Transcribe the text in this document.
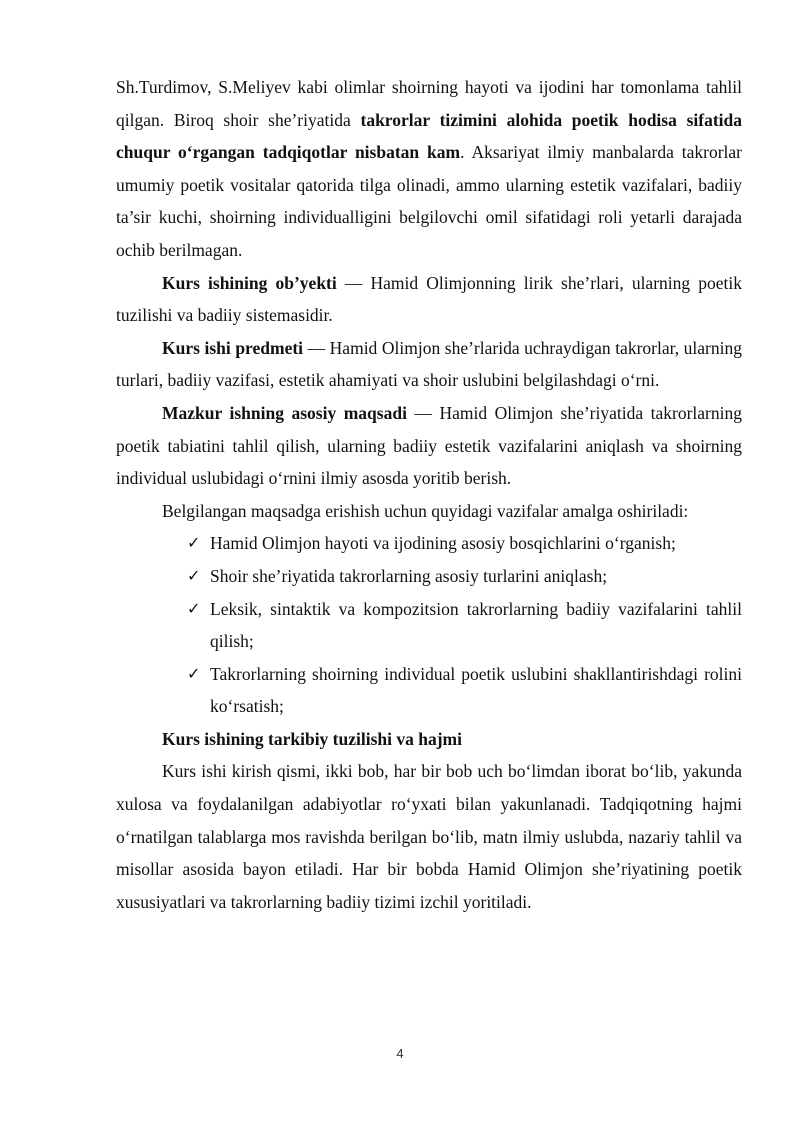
Sh.Turdimov, S.Meliyev kabi olimlar shoirning hayoti va ijodini har tomonlama tahlil qilgan. Biroq shoir she’riyatida takrorlar tizimini alohida poetik hodisa sifatida chuqur o‘rgangan tadqiqotlar nisbatan kam. Aksariyat ilmiy manbalarda takrorlar umumiy poetik vositalar qatorida tilga olinadi, ammo ularning estetik vazifalari, badiiy ta’sir kuchi, shoirning individualligini belgilovchi omil sifatidagi roli yetarli darajada ochib berilmagan.

Kurs ishining ob’yekti — Hamid Olimjonning lirik she’rlari, ularning poetik tuzilishi va badiiy sistemasidir.

Kurs ishi predmeti — Hamid Olimjon she’rlarida uchraydigan takrorlar, ularning turlari, badiiy vazifasi, estetik ahamiyati va shoir uslubini belgilashdagi o‘rni.

Mazkur ishning asosiy maqsadi — Hamid Olimjon she’riyatida takrorlarning poetik tabiatini tahlil qilish, ularning badiiy estetik vazifalarini aniqlash va shoirning individual uslubidagi o‘rnini ilmiy asosda yoritib berish.

Belgilangan maqsadga erishish uchun quyidagi vazifalar amalga oshiriladi:

✓ Hamid Olimjon hayoti va ijodining asosiy bosqichlarini o‘rganish;
✓ Shoir she’riyatida takrorlarning asosiy turlarini aniqlash;
✓ Leksik, sintaktik va kompozitsion takrorlarning badiiy vazifalarini tahlil qilish;
✓ Takrorlarning shoirning individual poetik uslubini shakllantirishdagi rolini ko‘rsatish;

Kurs ishining tarkibiy tuzilishi va hajmi

Kurs ishi kirish qismi, ikki bob, har bir bob uch bo‘limdan iborat bo‘lib, yakunda xulosa va foydalanilgan adabiyotlar ro‘yxati bilan yakunlanadi. Tadqiqotning hajmi o‘rnatilgan talablarga mos ravishda berilgan bo‘lib, matn ilmiy uslubda, nazariy tahlil va misollar asosida bayon etiladi. Har bir bobda Hamid Olimjon she’riyatining poetik xususiyatlari va takrorlarning badiiy tizimi izchil yoritiladi.

4
